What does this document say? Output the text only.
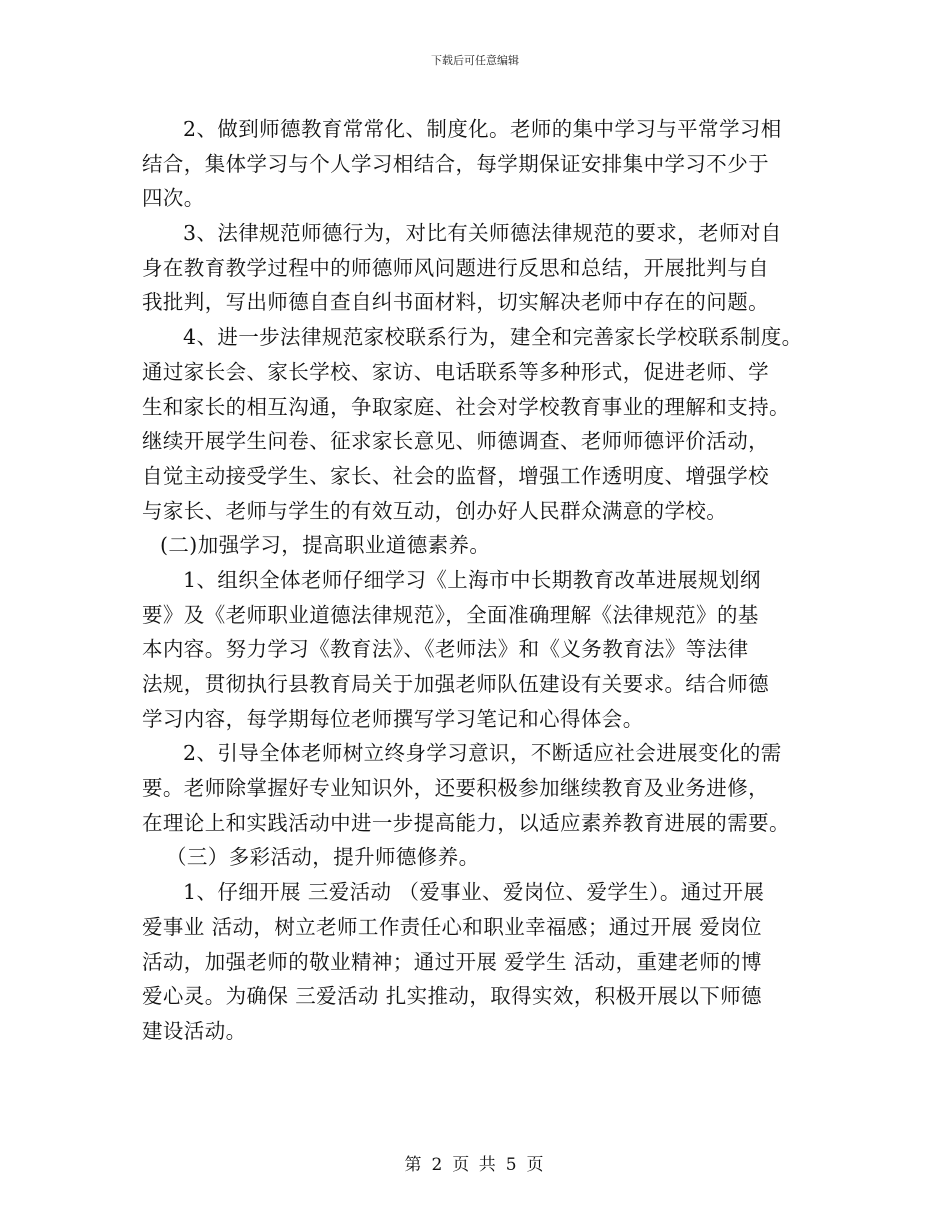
下载后可任意编辑
2、做到师德教育常常化、制度化。老师的集中学习与平常学习相
结合，集体学习与个人学习相结合，每学期保证安排集中学习不少于
四次。
3、法律规范师德行为，对比有关师德法律规范的要求，老师对自
身在教育教学过程中的师德师风问题进行反思和总结，开展批判与自
我批判，写出师德自查自纠书面材料，切实解决老师中存在的问题。
4、进一步法律规范家校联系行为，建全和完善家长学校联系制度。
通过家长会、家长学校、家访、电话联系等多种形式，促进老师、学
生和家长的相互沟通，争取家庭、社会对学校教育事业的理解和支持。
继续开展学生问卷、征求家长意见、师德调查、老师师德评价活动，
自觉主动接受学生、家长、社会的监督，增强工作透明度、增强学校
与家长、老师与学生的有效互动，创办好人民群众满意的学校。
(二)加强学习，提高职业道德素养。
1、组织全体老师仔细学习《上海市中长期教育改革进展规划纲
要》及《老师职业道德法律规范》，全面准确理解《法律规范》的基
本内容。努力学习《教育法》、《老师法》和《义务教育法》等法律
法规，贯彻执行县教育局关于加强老师队伍建设有关要求。结合师德
学习内容，每学期每位老师撰写学习笔记和心得体会。
2、引导全体老师树立终身学习意识，不断适应社会进展变化的需
要。老师除掌握好专业知识外，还要积极参加继续教育及业务进修，
在理论上和实践活动中进一步提高能力，以适应素养教育进展的需要。
（三）多彩活动，提升师德修养。
1、仔细开展 三爱活动 （爱事业、爱岗位、爱学生）。通过开展
爱事业 活动，树立老师工作责任心和职业幸福感；通过开展 爱岗位
活动，加强老师的敬业精神；通过开展 爱学生 活动，重建老师的博
爱心灵。为确保 三爱活动 扎实推动，取得实效，积极开展以下师德
建设活动。
第 2 页 共 5 页
